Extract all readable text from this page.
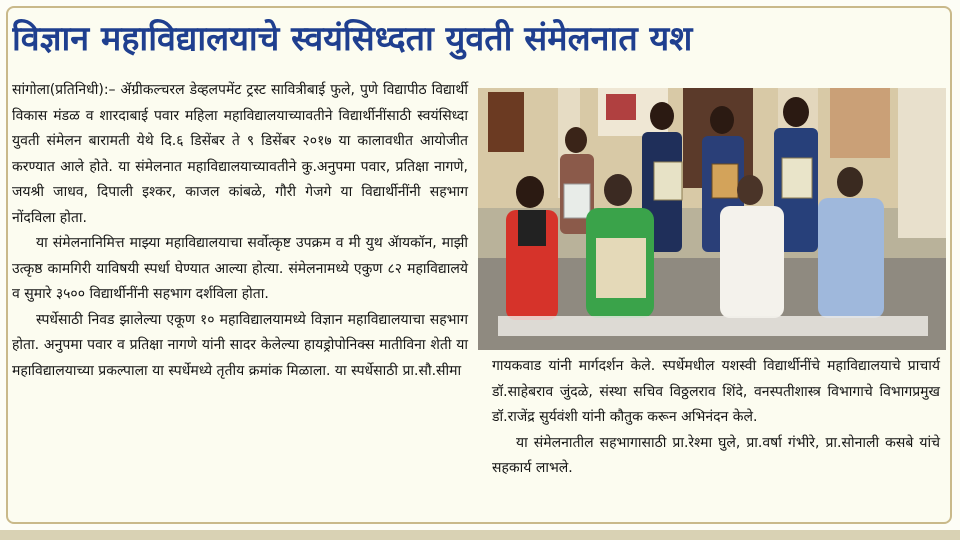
विज्ञान महाविद्यालयाचे स्वयंसिध्दता युवती संमेलनात यश

सांगोला(प्रतिनिधी):– ॲग्रीकल्चरल डेव्हलपमेंट ट्रस्ट सावित्रीबाई फुले, पुणे विद्यापीठ विद्यार्थी विकास मंडळ व शारदाबाई पवार महिला महाविद्यालयाच्यावतीने विद्यार्थीनींसाठी स्वयंसिध्दा युवती संमेलन बारामती येथे दि.६ डिसेंबर ते ९ डिसेंबर २०१७ या कालावधीत आयोजीत करण्यात आले होते. या संमेलनात महाविद्यालयाच्यावतीने कु.अनुपमा पवार, प्रतिक्षा नागणे, जयश्री जाधव, दिपाली इश्कर, काजल कांबळे, गौरी गेजगे या विद्यार्थीनींनी सहभाग नोंदविला होता.

या संमेलनानिमित्त माझ्या महाविद्यालयाचा सर्वोत्कृष्ट उपक्रम व मी युथ ॲायकॉन, माझी उत्कृष्ठ कामगिरी याविषयी स्पर्धा घेण्यात आल्या होत्या. संमेलनामध्ये एकुण ८२ महाविद्यालये व सुमारे ३५०० विद्यार्थीनींनी सहभाग दर्शविला होता.

स्पर्धेसाठी निवड झालेल्या एकूण १० महाविद्यालयामध्ये विज्ञान महाविद्यालयाचा सहभाग होता. अनुपमा पवार व प्रतिक्षा नागणे यांनी सादर केलेल्या हायड्रोपोनिक्स मातीविना शेती या महाविद्यालयाच्या प्रकल्पाला या स्पर्धेमध्ये तृतीय क्रमांक मिळाला. या स्पर्धेसाठी प्रा.सौ.सीमा	गायकवाड यांनी मार्गदर्शन केले. स्पर्धेमधील यशस्वी विद्यार्थीनींचे महाविद्यालयाचे प्राचार्य डॉ.साहेबराव जुंदळे, संस्था सचिव विठ्ठलराव शिंदे, वनस्पतीशास्त्र विभागाचे विभागप्रमुख डॉ.राजेंद्र सुर्यवंशी यांनी कौतुक करून अभिनंदन केले.

या संमेलनातील सहभागासाठी प्रा.रेश्मा घुले, प्रा.वर्षा गंभीरे, प्रा.सोनाली कसबे यांचे सहकार्य लाभले.
